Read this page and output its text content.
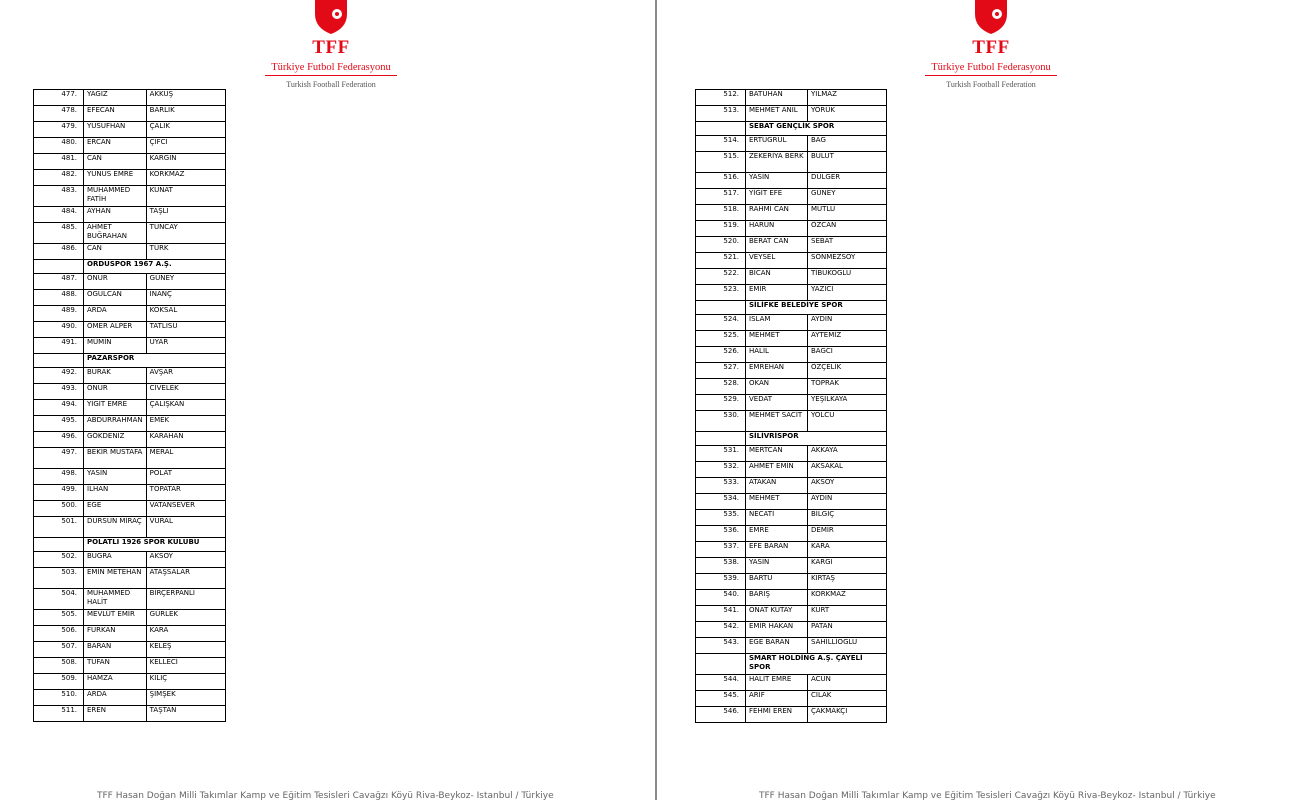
TFF
Türkiye Futbol Federasyonu
Turkish Football Federation
477.	YAĞIZ	AKKUŞ
478.	EFECAN	BARLIK
479.	YUSUFHAN	ÇALIK
480.	ERCAN	ÇİFCİ
481.	CAN	KARGIN
482.	YUNUS EMRE	KORKMAZ
483.	MUHAMMED FATİH	KUNAT
484.	AYHAN	TAŞLI
485.	AHMET BUĞRAHAN	TUNCAY
486.	CAN	TÜRK
	ORDUSPOR 1967 A.Ş.	
487.	ONUR	GÜNEY
488.	OĞULCAN	İNANÇ
489.	ARDA	KÖKSAL
490.	ÖMER ALPER	TATLISU
491.	MÜMİN	UYAR
	PAZARSPOR	
492.	BURAK	AVŞAR
493.	ONUR	CİVELEK
494.	YİĞİT EMRE	ÇALIŞKAN
495.	ABDURRAHMAN	EMEK
496.	GÖKDENİZ	KARAHAN
497.	BEKİR MUSTAFA	MERAL
498.	YASİN	POLAT
499.	İLHAN	TOPATAR
500.	EGE	VATANSEVER
501.	DURSUN MİRAÇ	VURAL
	POLATLI 1926 SPOR KULÜBÜ	
502.	BUĞRA	AKSOY
503.	EMİN METEHAN	ATAŞSALAR
504.	MUHAMMED HALİT	BİRÇERPANLI
505.	MEVLÜT EMİR	GÜRLEK
506.	FURKAN	KARA
507.	BARAN	KELEŞ
508.	TUFAN	KELLECİ
509.	HAMZA	KILIÇ
510.	ARDA	ŞİMŞEK
511.	EREN	TAŞTAN
TFF Hasan Doğan Milli Takımlar Kamp ve Eğitim Tesisleri Cavağzı Köyü Riva-Beykoz- İstanbul / Türkiye
TFF
Türkiye Futbol Federasyonu
Turkish Football Federation
512.	BATUHAN	YILMAZ
513.	MEHMET ANIL	YÖRÜK
	SEBAT GENÇLİK SPOR	
514.	ERTUĞRUL	BAĞ
515.	ZEKERİYA BERK	BULUT
516.	YASİN	DÜLGER
517.	YİĞİT EFE	GÜNEY
518.	RAHMİ CAN	MUTLU
519.	HARUN	ÖZCAN
520.	BERAT CAN	SEBAT
521.	VEYSEL	SÖNMEZSOY
522.	BİCAN	TİBUKOĞLU
523.	EMİR	YAZICI
	SİLİFKE BELEDİYE SPOR	
524.	İSLAM	AYDIN
525.	MEHMET	AYTEMİZ
526.	HALİL	BAĞCI
527.	EMREHAN	ÖZÇELİK
528.	OKAN	TOPRAK
529.	VEDAT	YEŞİLKAYA
530.	MEHMET SACİT	YOLCU
	SİLİVRİSPOR	
531.	MERTCAN	AKKAYA
532.	AHMET EMİN	AKSAKAL
533.	ATAKAN	AKSOY
534.	MEHMET	AYDIN
535.	NECATİ	BİLGİÇ
536.	EMRE	DEMİR
537.	EFE BARAN	KARA
538.	YASİN	KARGI
539.	BARTU	KIRTAŞ
540.	BARIŞ	KORKMAZ
541.	ONAT KUTAY	KURT
542.	EMİR HAKAN	PATAN
543.	EGE BARAN	SAHİLLİOĞLU
	SMART HOLDİNG A.Ş. ÇAYELİ SPOR	
544.	HALİT EMRE	ACUN
545.	ARİF	CILAK
546.	FEHMİ EREN	ÇAKMAKÇI
TFF Hasan Doğan Milli Takımlar Kamp ve Eğitim Tesisleri Cavağzı Köyü Riva-Beykoz- İstanbul / Türkiye
